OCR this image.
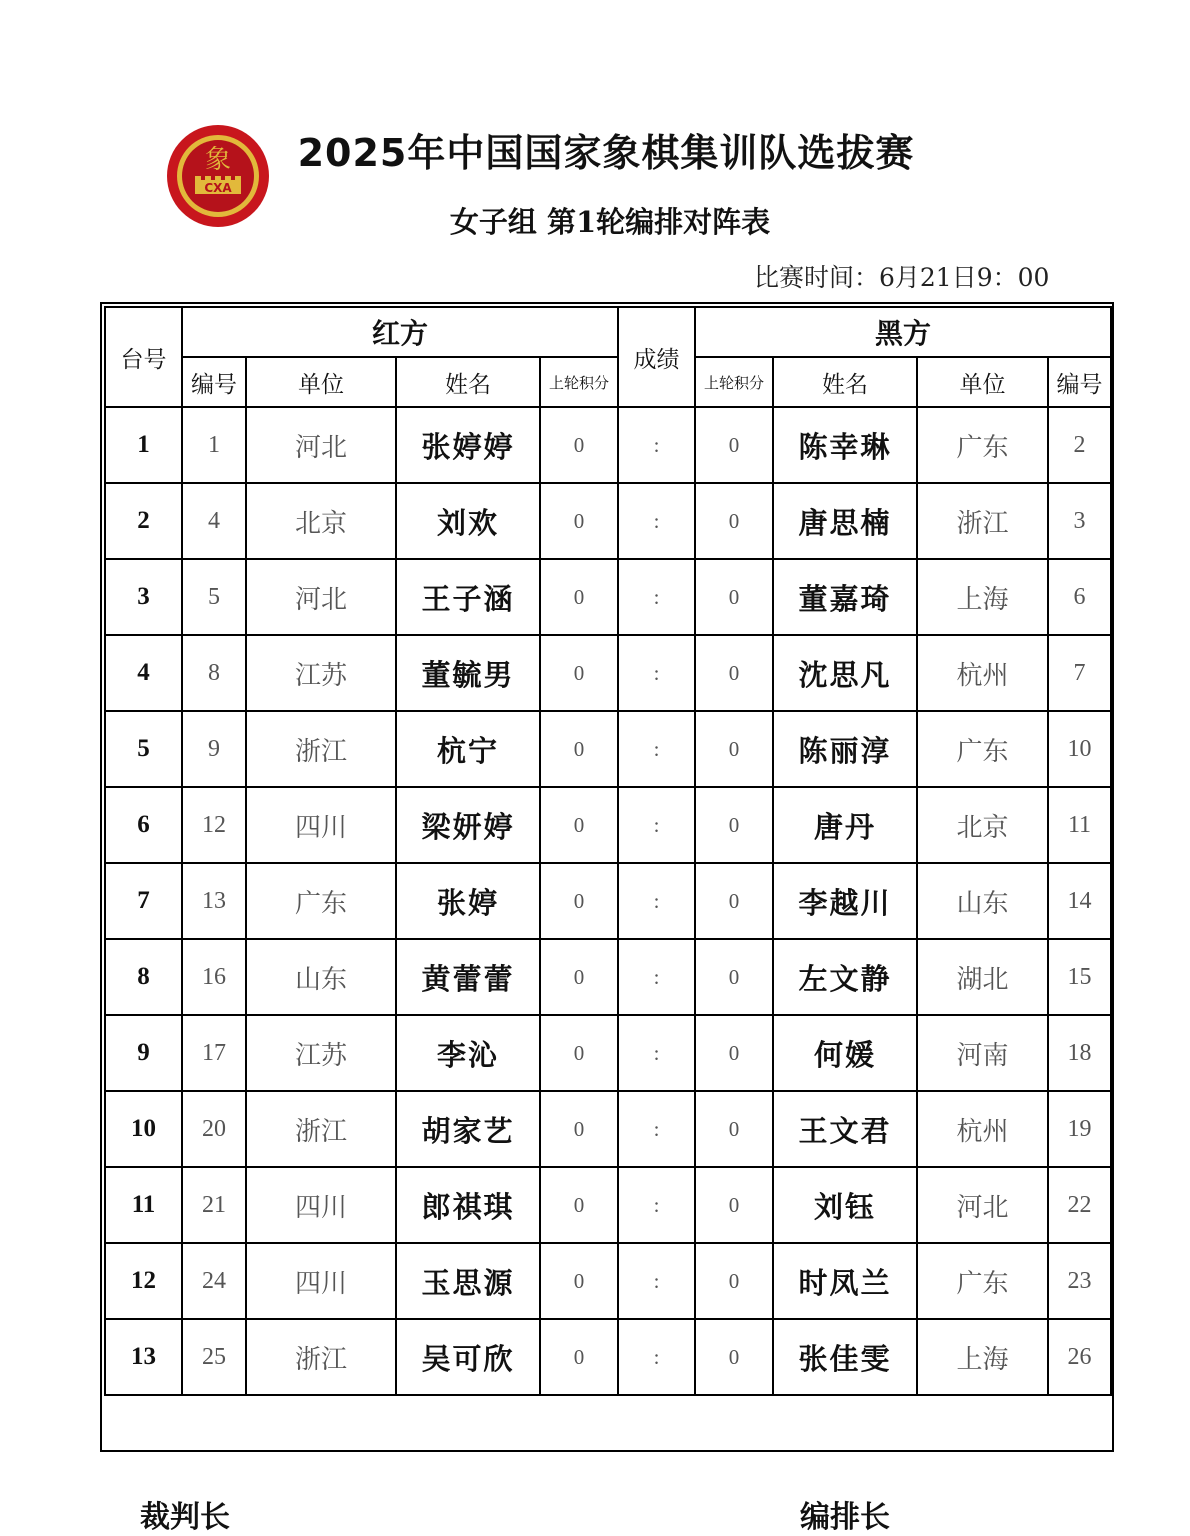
象
CXA
2025年中国国家象棋集训队选拔赛
女子组 第1轮编排对阵表
比赛时间：6月21日9：00
台号	红方				成绩	黑方			
	编号	单位	姓名	上轮积分		上轮积分	姓名	单位	编号
1	1	河北	张婷婷	0	:	0	陈幸琳	广东	2
2	4	北京	刘欢	0	:	0	唐思楠	浙江	3
3	5	河北	王子涵	0	:	0	董嘉琦	上海	6
4	8	江苏	董毓男	0	:	0	沈思凡	杭州	7
5	9	浙江	杭宁	0	:	0	陈丽淳	广东	10
6	12	四川	梁妍婷	0	:	0	唐丹	北京	11
7	13	广东	张婷	0	:	0	李越川	山东	14
8	16	山东	黄蕾蕾	0	:	0	左文静	湖北	15
9	17	江苏	李沁	0	:	0	何媛	河南	18
10	20	浙江	胡家艺	0	:	0	王文君	杭州	19
11	21	四川	郎祺琪	0	:	0	刘钰	河北	22
12	24	四川	玉思源	0	:	0	时凤兰	广东	23
13	25	浙江	吴可欣	0	:	0	张佳雯	上海	26
裁判长	编排长
